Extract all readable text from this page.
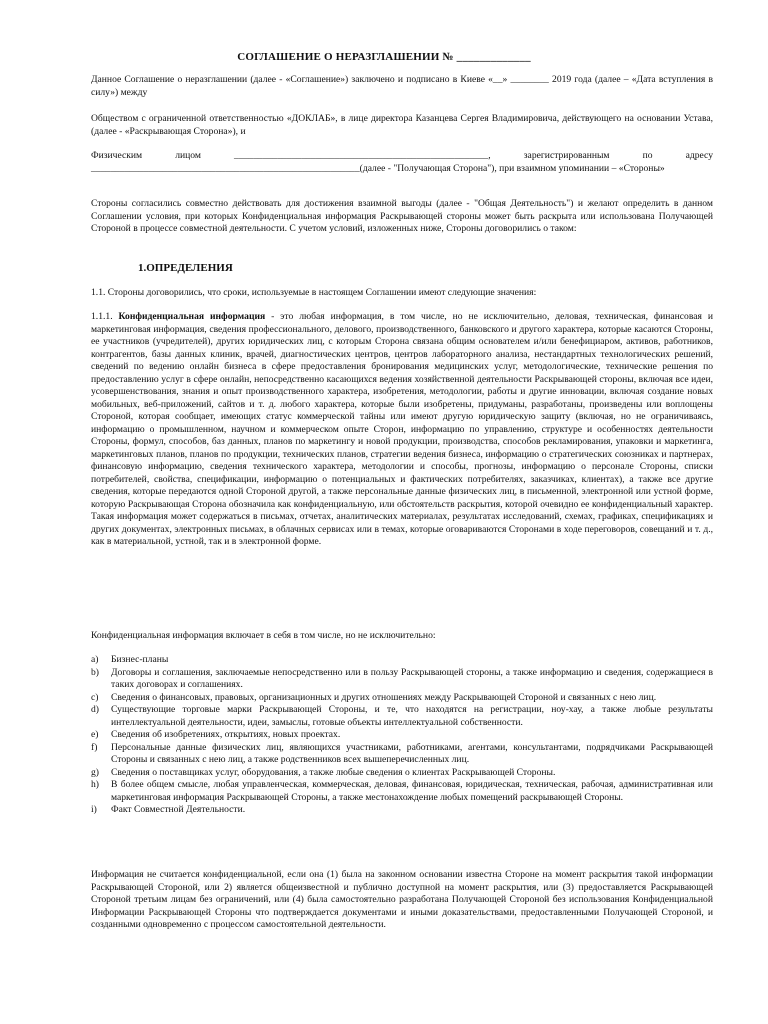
СОГЛАШЕНИЕ О НЕРАЗГЛАШЕНИИ № _____________

Данное Соглашение о неразглашении (далее - «Соглашение») заключено и подписано в Киеве «__» ________ 2019 года (далее – «Дата вступления в силу») между

Обществом с ограниченной ответственностью «ДОКЛАБ», в лице директора Казанцева Сергея Владимировича, действующего на основании Устава, (далее - «Раскрывающая Сторона»), и

Физическим лицом _____________________________________________________, зарегистрированным по адресу ________________________________________________________(далее - "Получающая Сторона"), при взаимном упоминании – «Стороны»

Стороны согласились совместно действовать для достижения взаимной выгоды (далее - "Общая Деятельность") и желают определить в данном Соглашении условия, при которых Конфиденциальная информация Раскрывающей стороны может быть раскрыта или использована Получающей Стороной в процессе совместной деятельности. С учетом условий, изложенных ниже, Стороны договорились о таком:

1.ОПРЕДЕЛЕНИЯ

1.1. Стороны договорились, что сроки, используемые в настоящем Соглашении имеют следующие значения:

1.1.1. Конфиденциальная информация - это любая информация, в том числе, но не исключительно, деловая, техническая, финансовая и маркетинговая информация, сведения профессионального, делового, производственного, банковского и другого характера, которые касаются Стороны, ее участников (учредителей), других юридических лиц, с которым Сторона связана общим основателем и/или бенефициаром, активов, работников, контрагентов, базы данных клиник, врачей, диагностических центров, центров лабораторного анализа, нестандартных технологических решений, сведений по ведению онлайн бизнеса в сфере предоставления бронирования медицинских услуг, методологические, технические решения по предоставлению услуг в сфере онлайн, непосредственно касающихся ведения хозяйственной деятельности Раскрывающей стороны, включая все идеи, усовершенствования, знания и опыт производственного характера, изобретения, методологии, работы и другие инновации, включая создание новых мобильных, веб-приложений, сайтов и т. д. любого характера, которые были изобретены, придуманы, разработаны, произведены или воплощены Стороной, которая сообщает, имеющих статус коммерческой тайны или имеют другую юридическую защиту (включая, но не ограничиваясь, информацию о промышленном, научном и коммерческом опыте Сторон, информацию по управлению, структуре и особенностях деятельности Стороны, формул, способов, баз данных, планов по маркетингу и новой продукции, производства, способов рекламирования, упаковки и маркетинга, маркетинговых планов, планов по продукции, технических планов, стратегии ведения бизнеса, информацию о стратегических союзниках и партнерах, финансовую информацию, сведения технического характера, методологии и способы, прогнозы, информацию о персонале Стороны, списки потребителей, свойства, спецификации, информацию о потенциальных и фактических потребителях, заказчиках, клиентах), а также все другие сведения, которые передаются одной Стороной другой, а также персональные данные физических лиц, в письменной, электронной или устной форме, которую Раскрывающая Сторона обозначила как конфиденциальную, или обстоятельств раскрытия, которой очевидно ее конфиденциальный характер. Такая информация может содержаться в письмах, отчетах, аналитических материалах, результатах исследований, схемах, графиках, спецификациях и других документах, электронных письмах, в облачных сервисах или в темах, которые оговариваются Сторонами в ходе переговоров, совещаний и т. д., как в материальной, устной, так и в электронной форме.

Конфиденциальная информация включает в себя в том числе, но не исключительно:

a) Бизнес-планы
b) Договоры и соглашения, заключаемые непосредственно или в пользу Раскрывающей стороны, а также информацию и сведения, содержащиеся в таких договорах и соглашениях.
c) Сведения о финансовых, правовых, организационных и других отношениях между Раскрывающей Стороной и связанных с нею лиц.
d) Существующие торговые марки Раскрывающей Стороны, и те, что находятся на регистрации, ноу-хау, а также любые результаты интеллектуальной деятельности, идеи, замыслы, готовые объекты интеллектуальной собственности.
e) Сведения об изобретениях, открытиях, новых проектах.
f) Персональные данные физических лиц, являющихся участниками, работниками, агентами, консультантами, подрядчиками Раскрывающей Стороны и связанных с нею лиц, а также родственников всех вышеперечисленных лиц.
g) Сведения о поставщиках услуг, оборудования, а также любые сведения о клиентах Раскрывающей Стороны.
h) В более общем смысле, любая управленческая, коммерческая, деловая, финансовая, юридическая, техническая, рабочая, административная или маркетинговая информация Раскрывающей Стороны, а также местонахождение любых помещений раскрывающей Стороны.
i) Факт Совместной Деятельности.

Информация не считается конфиденциальной, если она (1) была на законном основании известна Стороне на момент раскрытия такой информации Раскрывающей Стороной, или 2) является общеизвестной и публично доступной на момент раскрытия, или (3) предоставляется Раскрывающей Стороной третьим лицам без ограничений, или (4) была самостоятельно разработана Получающей Стороной без использования Конфиденциальной Информации Раскрывающей Стороны что подтверждается документами и иными доказательствами, предоставленными Получающей Стороной, и созданными одновременно с процессом самостоятельной деятельности.
